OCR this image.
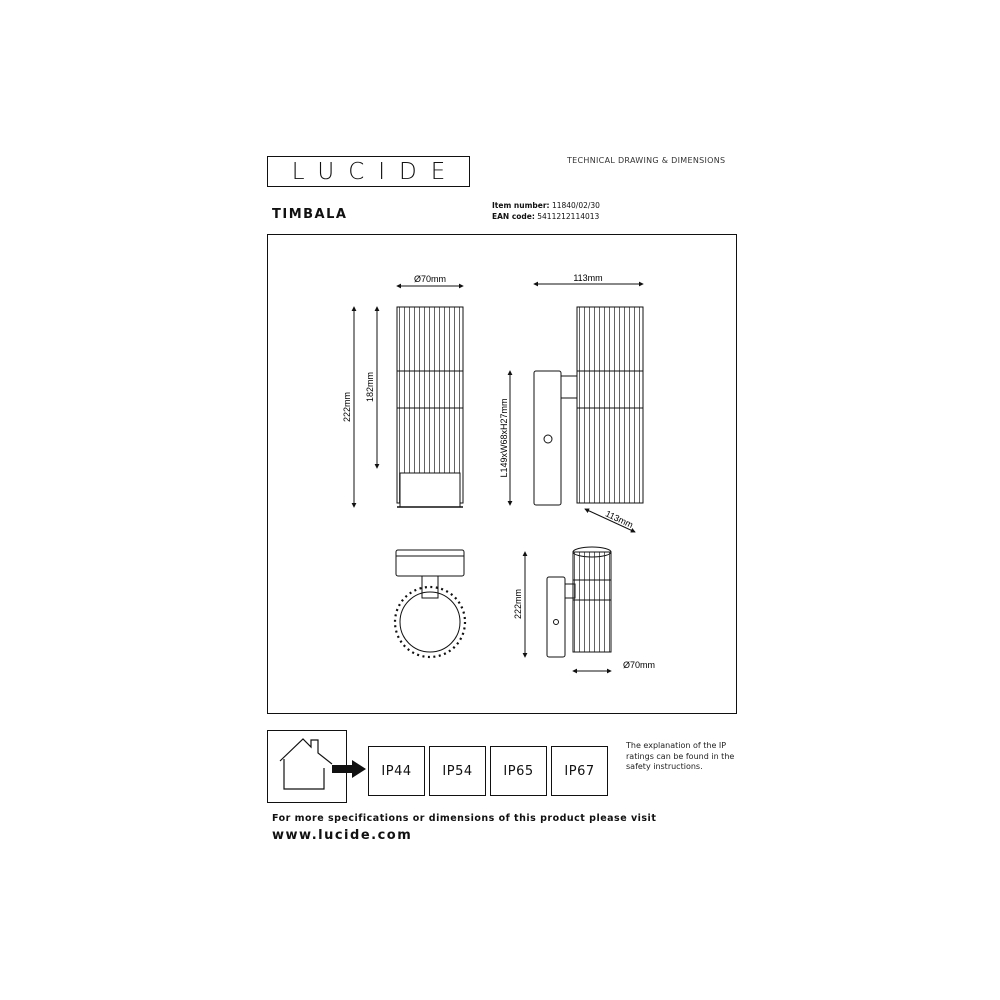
LUCIDE	TECHNICAL DRAWING & DIMENSIONS
TIMBALA
Item number: 11840/02/30
EAN code: 5411212114013
Ø70mm	113mm
222mm
182mm
L149xW68xH27mm
113mm
222mm
Ø70mm
IP44	IP54	IP65	IP67
The explanation of the IP ratings can be found in the safety instructions.
For more specifications or dimensions of this product please visit
www.lucide.com
